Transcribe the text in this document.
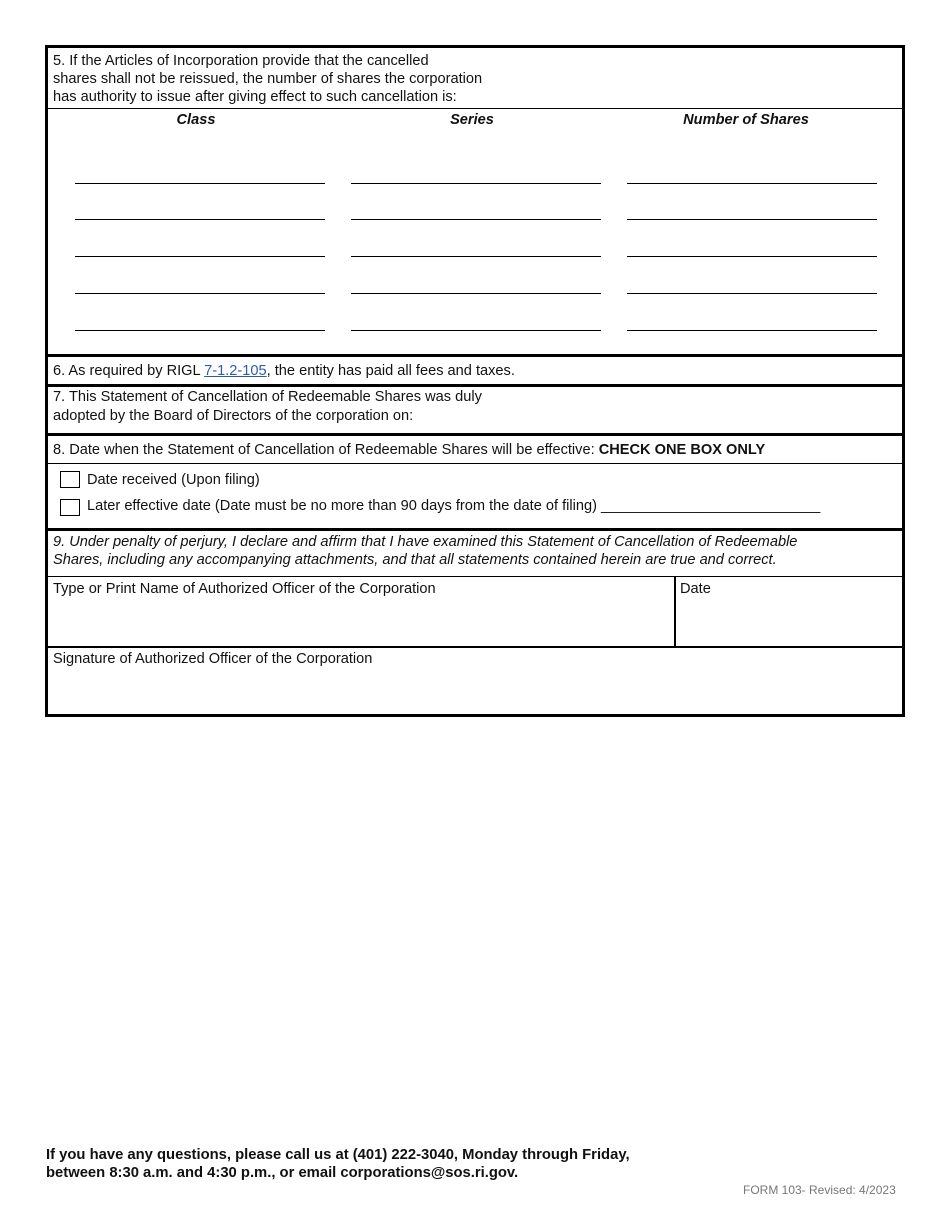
5. If the Articles of Incorporation provide that the cancelled
shares shall not be reissued, the number of shares the corporation
has authority to issue after giving effect to such cancellation is:
Class	Series	Number of Shares
6. As required by RIGL 7-1.2-105, the entity has paid all fees and taxes.
7. This Statement of Cancellation of Redeemable Shares was duly
adopted by the Board of Directors of the corporation on:
8. Date when the Statement of Cancellation of Redeemable Shares will be effective: CHECK ONE BOX ONLY
Date received (Upon filing)
Later effective date (Date must be no more than 90 days from the date of filing) ___________________________
9. Under penalty of perjury, I declare and affirm that I have examined this Statement of Cancellation of Redeemable
Shares, including any accompanying attachments, and that all statements contained herein are true and correct.
Type or Print Name of Authorized Officer of the Corporation	Date
Signature of Authorized Officer of the Corporation
If you have any questions, please call us at (401) 222-3040, Monday through Friday,
between 8:30 a.m. and 4:30 p.m., or email corporations@sos.ri.gov.
FORM 103- Revised: 4/2023
